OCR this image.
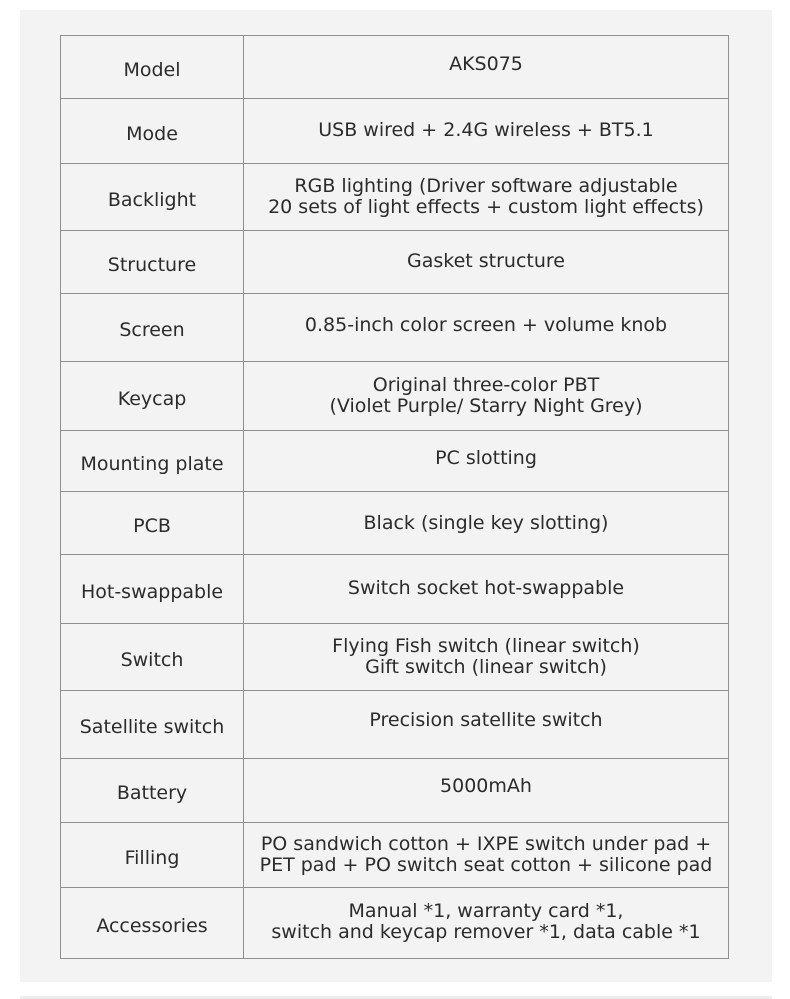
Model	AKS075

Mode	USB wired + 2.4G wireless + BT5.1

Backlight	RGB lighting (Driver software adjustable
20 sets of light effects + custom light effects)

Structure	Gasket structure

Screen	0.85-inch color screen + volume knob

Keycap	Original three-color PBT
(Violet Purple/ Starry Night Grey)

Mounting plate	PC slotting

PCB	Black (single key slotting)

Hot-swappable	Switch socket hot-swappable

Switch	Flying Fish switch (linear switch)
Gift switch (linear switch)

Satellite switch	Precision satellite switch

Battery	5000mAh

Filling	PO sandwich cotton + IXPE switch under pad +
PET pad + PO switch seat cotton + silicone pad

Accessories	Manual *1, warranty card *1,
switch and keycap remover *1, data cable *1
